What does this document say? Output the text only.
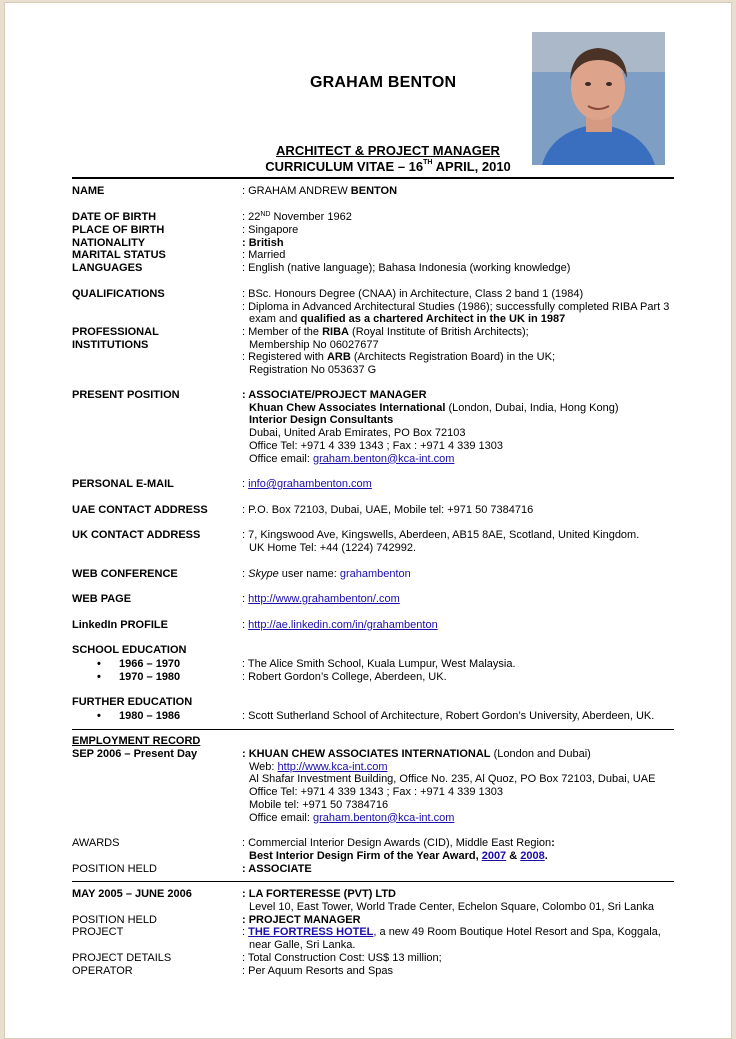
GRAHAM BENTON
ARCHITECT & PROJECT MANAGER
CURRICULUM VITAE – 16TH APRIL, 2010
NAME	: GRAHAM ANDREW BENTON
DATE OF BIRTH	: 22ND November 1962
PLACE OF BIRTH	: Singapore
NATIONALITY	: British
MARITAL STATUS	: Married
LANGUAGES	: English (native language); Bahasa Indonesia (working knowledge)
QUALIFICATIONS	: BSc. Honours Degree (CNAA) in Architecture, Class 2 band 1 (1984)
: Diploma in Advanced Architectural Studies (1986); successfully completed RIBA Part 3
exam and qualified as a chartered Architect in the UK in 1987
PROFESSIONAL
INSTITUTIONS
: Member of the RIBA (Royal Institute of British Architects);
Membership No 06027677
: Registered with ARB (Architects Registration Board) in the UK;
Registration No 053637 G
PRESENT POSITION	: ASSOCIATE/PROJECT MANAGER
Khuan Chew Associates International (London, Dubai, India, Hong Kong)
Interior Design Consultants
Dubai, United Arab Emirates, PO Box 72103
Office Tel: +971 4 339 1343 ; Fax : +971 4 339 1303
Office email: graham.benton@kca-int.com
PERSONAL E-MAIL	: info@grahambenton.com
UAE CONTACT ADDRESS	: P.O. Box 72103, Dubai, UAE, Mobile tel: +971 50 7384716
UK CONTACT ADDRESS	: 7, Kingswood Ave, Kingswells, Aberdeen, AB15 8AE, Scotland, United Kingdom.
UK Home Tel: +44 (1224) 742992.
WEB CONFERENCE	: Skype user name: grahambenton
WEB PAGE	: http://www.grahambenton/.com
LinkedIn PROFILE	: http://ae.linkedin.com/in/grahambenton
SCHOOL EDUCATION
• 1966 – 1970	: The Alice Smith School, Kuala Lumpur, West Malaysia.
• 1970 – 1980	: Robert Gordon’s College, Aberdeen, UK.
FURTHER EDUCATION
• 1980 – 1986	: Scott Sutherland School of Architecture, Robert Gordon’s University, Aberdeen, UK.
EMPLOYMENT RECORD
SEP 2006 – Present Day	: KHUAN CHEW ASSOCIATES INTERNATIONAL (London and Dubai)
Web: http://www.kca-int.com
Al Shafar Investment Building, Office No. 235, Al Quoz, PO Box 72103, Dubai, UAE
Office Tel: +971 4 339 1343 ; Fax : +971 4 339 1303
Mobile tel: +971 50 7384716
Office email: graham.benton@kca-int.com
AWARDS	: Commercial Interior Design Awards (CID), Middle East Region:
Best Interior Design Firm of the Year Award, 2007 & 2008.
POSITION HELD	: ASSOCIATE
MAY 2005 – JUNE 2006	: LA FORTERESSE (PVT) LTD
Level 10, East Tower, World Trade Center, Echelon Square, Colombo 01, Sri Lanka
POSITION HELD	: PROJECT MANAGER
PROJECT	: THE FORTRESS HOTEL, a new 49 Room Boutique Hotel Resort and Spa, Koggala,
near Galle, Sri Lanka.
PROJECT DETAILS	: Total Construction Cost: US$ 13 million;
OPERATOR	: Per Aquum Resorts and Spas
